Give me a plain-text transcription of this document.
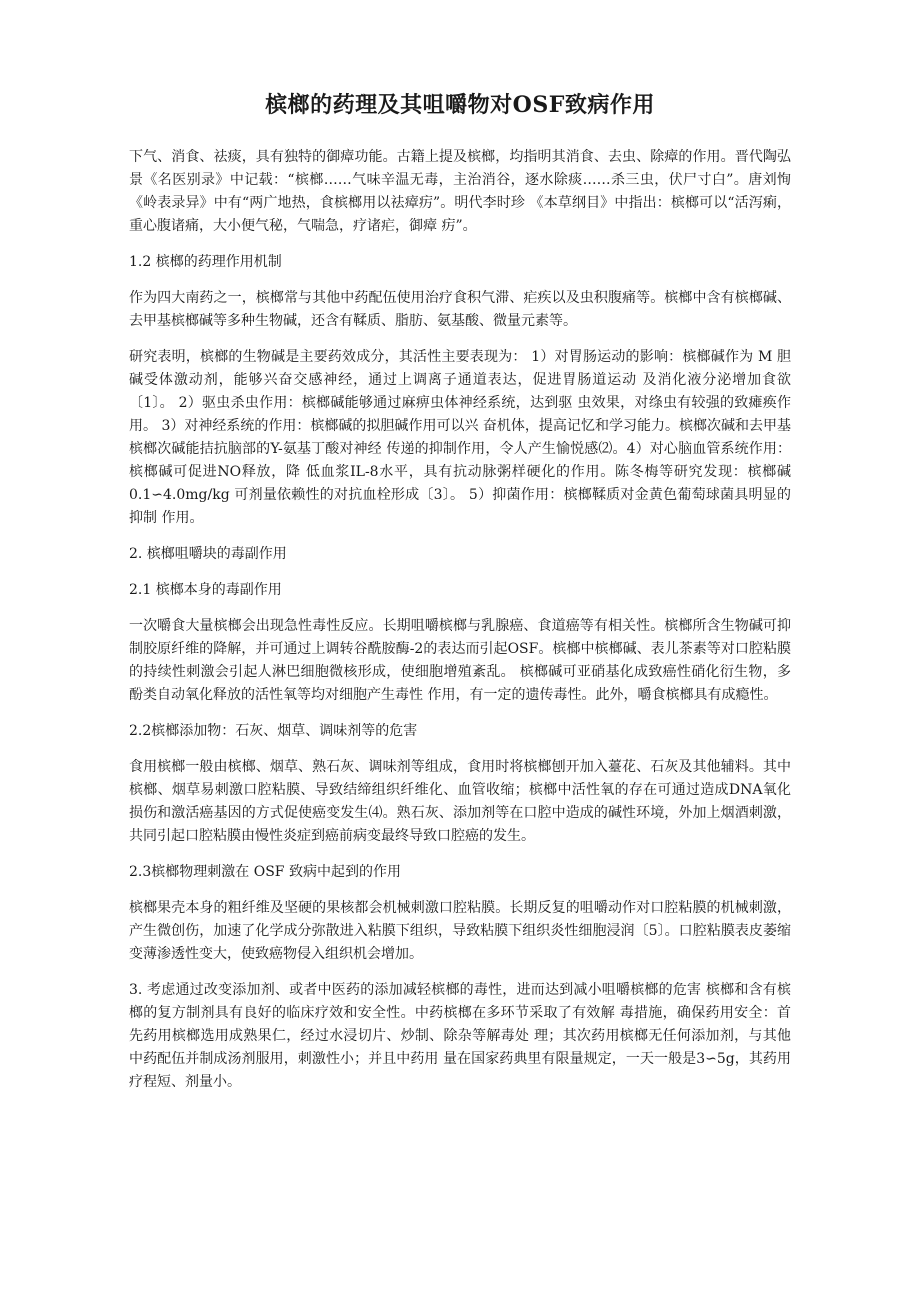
槟榔的药理及其咀嚼物对OSF致病作用

下气、消食、祛痰，具有独特的御瘴功能。古籍上提及槟榔，均指明其消食、去虫、除瘴的作用。晋代陶弘景《名医别录》中记载：“槟榔……气味辛温无毒，主治消谷，逐水除痰……杀三虫，伏尸寸白”。唐刘恂《岭表录异》中有“两广地热，食槟榔用以祛瘴疠”。明代李时珍 《本草纲目》中指出：槟榔可以“活泻痢，重心腹诸痛，大小便气秘，气喘急，疗诸疟，御瘴 疠”。

1.2 槟榔的药理作用机制

作为四大南药之一，槟榔常与其他中药配伍使用治疗食积气滞、疟疾以及虫积腹痛等。槟榔中含有槟榔碱、去甲基槟榔碱等多种生物碱，还含有鞣质、脂肪、氨基酸、微量元素等。

研究表明，槟榔的生物碱是主要药效成分，其活性主要表现为： 1）对胃肠运动的影响：槟榔碱作为 M 胆碱受体激动剂，能够兴奋交感神经，通过上调离子通道表达，促进胃肠道运动 及消化液分泌增加食欲〔1〕。 2）驱虫杀虫作用：槟榔碱能够通过麻痹虫体神经系统，达到驱 虫效果，对绦虫有较强的致瘫痪作用。 3）对神经系统的作用：槟榔碱的拟胆碱作用可以兴 奋机体，提高记忆和学习能力。槟榔次碱和去甲基槟榔次碱能拮抗脑部的Y-氨基丁酸对神经 传递的抑制作用，令人产生愉悦感⑵。4）对心脑血管系统作用：槟榔碱可促进NO释放，降 低血浆IL-8水平，具有抗动脉粥样硬化的作用。陈冬梅等研究发现：槟榔碱0.1∽4.0mg/kg 可剂量依赖性的对抗血栓形成〔3〕。 5）抑菌作用：槟榔鞣质对金黄色葡萄球菌具明显的抑制 作用。

2. 槟榔咀嚼块的毒副作用

2.1 槟榔本身的毒副作用

一次嚼食大量槟榔会出现急性毒性反应。长期咀嚼槟榔与乳腺癌、食道癌等有相关性。槟榔所含生物碱可抑制胶原纤维的降解，并可通过上调转谷酰胺酶-2的表达而引起OSF。槟榔中槟榔碱、表儿茶素等对口腔粘膜的持续性刺激会引起人淋巴细胞微核形成，使细胞增殖紊乱。 槟榔碱可亚硝基化成致癌性硝化衍生物，多酚类自动氧化释放的活性氧等均对细胞产生毒性 作用，有一定的遗传毒性。此外，嚼食槟榔具有成瘾性。

2.2槟榔添加物：石灰、烟草、调味剂等的危害

食用槟榔一般由槟榔、烟草、熟石灰、调味剂等组成，食用时将槟榔刨开加入薹花、石灰及其他辅料。其中槟榔、烟草易刺激口腔粘膜、导致结缔组织纤维化、血管收缩；槟榔中活性氧的存在可通过造成DNA氧化损伤和激活癌基因的方式促使癌变发生⑷。熟石灰、添加剂等在口腔中造成的碱性环境，外加上烟酒刺激，共同引起口腔粘膜由慢性炎症到癌前病变最终导致口腔癌的发生。

2.3槟榔物理刺激在 OSF 致病中起到的作用

槟榔果壳本身的粗纤维及坚硬的果核都会机械刺激口腔粘膜。长期反复的咀嚼动作对口腔粘膜的机械刺激，产生微创伤，加速了化学成分弥散进入粘膜下组织，导致粘膜下组织炎性细胞浸润〔5〕。口腔粘膜表皮萎缩变薄渗透性变大，使致癌物侵入组织机会增加。

3. 考虑通过改变添加剂、或者中医药的添加减轻槟榔的毒性，进而达到减小咀嚼槟榔的危害 槟榔和含有槟榔的复方制剂具有良好的临床疗效和安全性。中药槟榔在多环节采取了有效解 毒措施，确保药用安全：首先药用槟榔选用成熟果仁，经过水浸切片、炒制、除杂等解毒处 理；其次药用槟榔无任何添加剂，与其他中药配伍并制成汤剂服用，刺激性小；并且中药用 量在国家药典里有限量规定，一天一般是3∽5g，其药用疗程短、剂量小。
